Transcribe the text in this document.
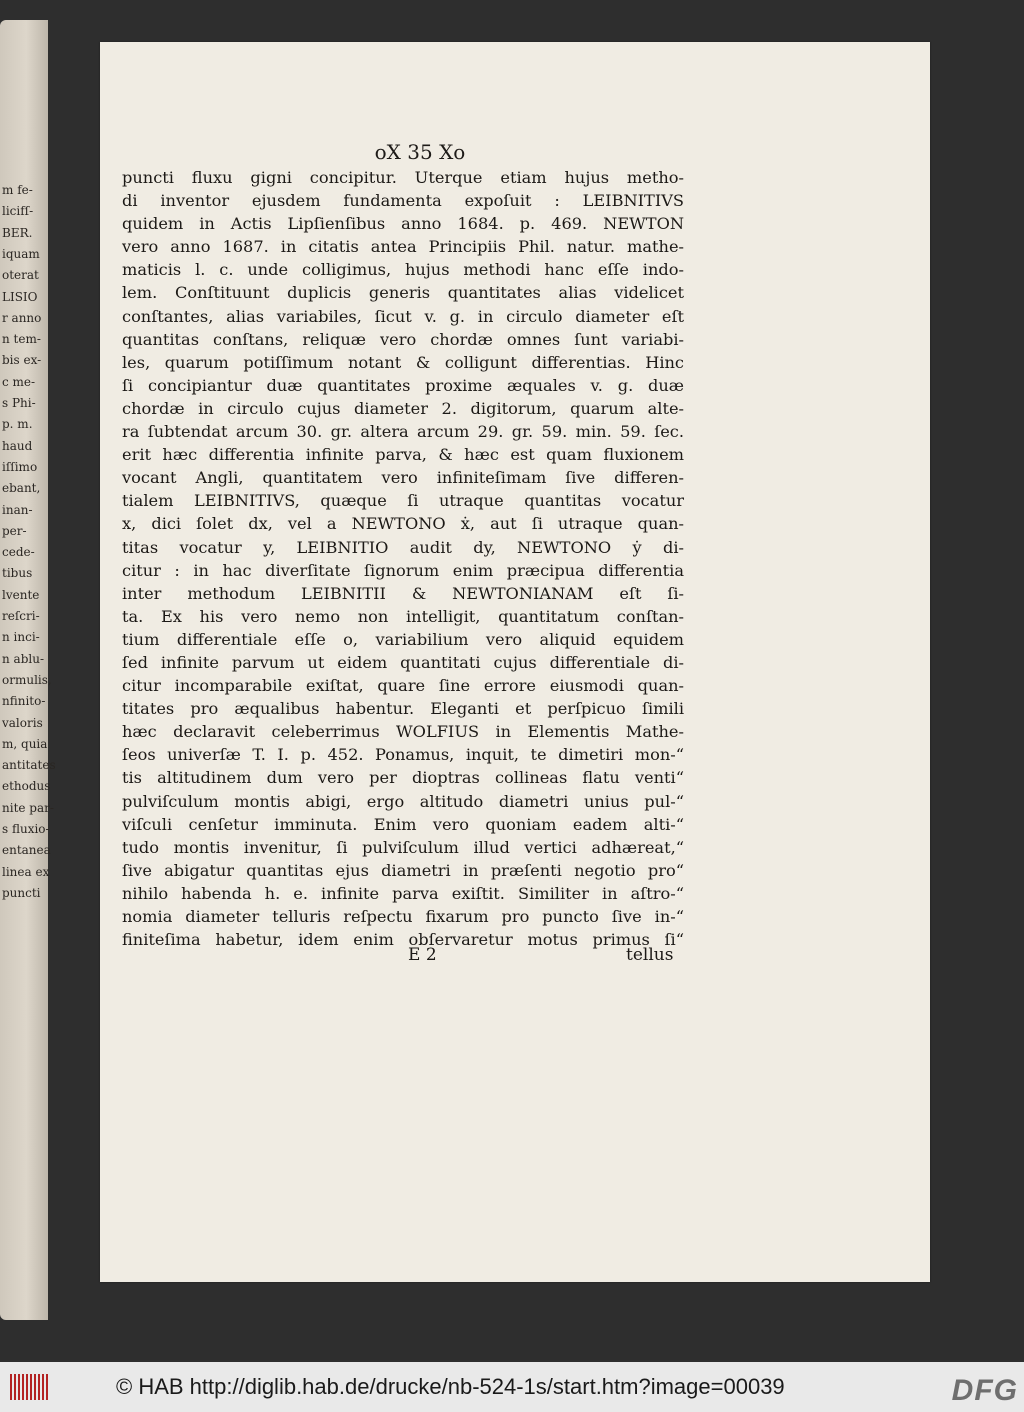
m fe-
licifſ-
BER.
iquam
oterat
LISIO
r anno
n tem-
bis ex-
c me-
s Phi-
p. m.
haud
iſſimo
ebant,
inan-
per-
cede-
tibus
lvente
reſcri-
n inci-
n ablu-
ormulis,
nfinito-
valoris
m, quia
antitates
ethodus
nite par-
s fluxio-
entanea
linea ex
puncti
oX 35 Xo
puncti fluxu gigni concipitur. Uterque etiam hujus metho-
di inventor ejusdem fundamenta expoſuit : LEIBNITIVS
quidem in Actis Lipſienſibus anno 1684. p. 469. NEWTON
vero anno 1687. in citatis antea Principiis Phil. natur. mathe-
maticis l. c. unde colligimus, hujus methodi hanc eſſe indo-
lem. Conſtituunt duplicis generis quantitates alias videlicet
conſtantes, alias variabiles, ſicut v. g. in circulo diameter eſt
quantitas conſtans, reliquæ vero chordæ omnes ſunt variabi-
les, quarum potiſſimum notant & colligunt differentias. Hinc
ſi concipiantur duæ quantitates proxime æquales v. g. duæ
chordæ in circulo cujus diameter 2. digitorum, quarum alte-
ra ſubtendat arcum 30. gr. altera arcum 29. gr. 59. min. 59. ſec.
erit hæc differentia infinite parva, & hæc est quam fluxionem
vocant Angli, quantitatem vero infiniteſimam ſive differen-
tialem LEIBNITIVS, quæque ſi utraque quantitas vocatur
x, dici ſolet dx, vel a NEWTONO ẋ, aut ſi utraque quan-
titas vocatur y, LEIBNITIO audit dy, NEWTONO ẏ di-
citur : in hac diverſitate ſignorum enim præcipua differentia
inter methodum LEIBNITII & NEWTONIANAM eſt ſi-
ta. Ex his vero nemo non intelligit, quantitatum conſtan-
tium differentiale eſſe o, variabilium vero aliquid equidem
ſed infinite parvum ut eidem quantitati cujus differentiale di-
citur incomparabile exiſtat, quare ſine errore eiusmodi quan-
titates pro æqualibus habentur. Eleganti et perſpicuo ſimili
hæc declaravit celeberrimus WOLFIUS in Elementis Mathe-
ſeos univerſæ T. I. p. 452. Ponamus, inquit, te dimetiri mon-“
tis altitudinem dum vero per dioptras collineas flatu venti“
pulviſculum montis abigi, ergo altitudo diametri unius pul-“
viſculi cenſetur imminuta. Enim vero quoniam eadem alti-“
tudo montis invenitur, ſi pulviſculum illud vertici adhæreat,“
ſive abigatur quantitas ejus diametri in præſenti negotio pro“
nihilo habenda h. e. infinite parva exiſtit. Similiter in aſtro-“
nomia diameter telluris reſpectu fixarum pro puncto ſive in-“
finiteſima habetur, idem enim obſervaretur motus primus ſi“
E 2	tellus
© HAB http://diglib.hab.de/drucke/nb-524-1s/start.htm?image=00039	DFG
